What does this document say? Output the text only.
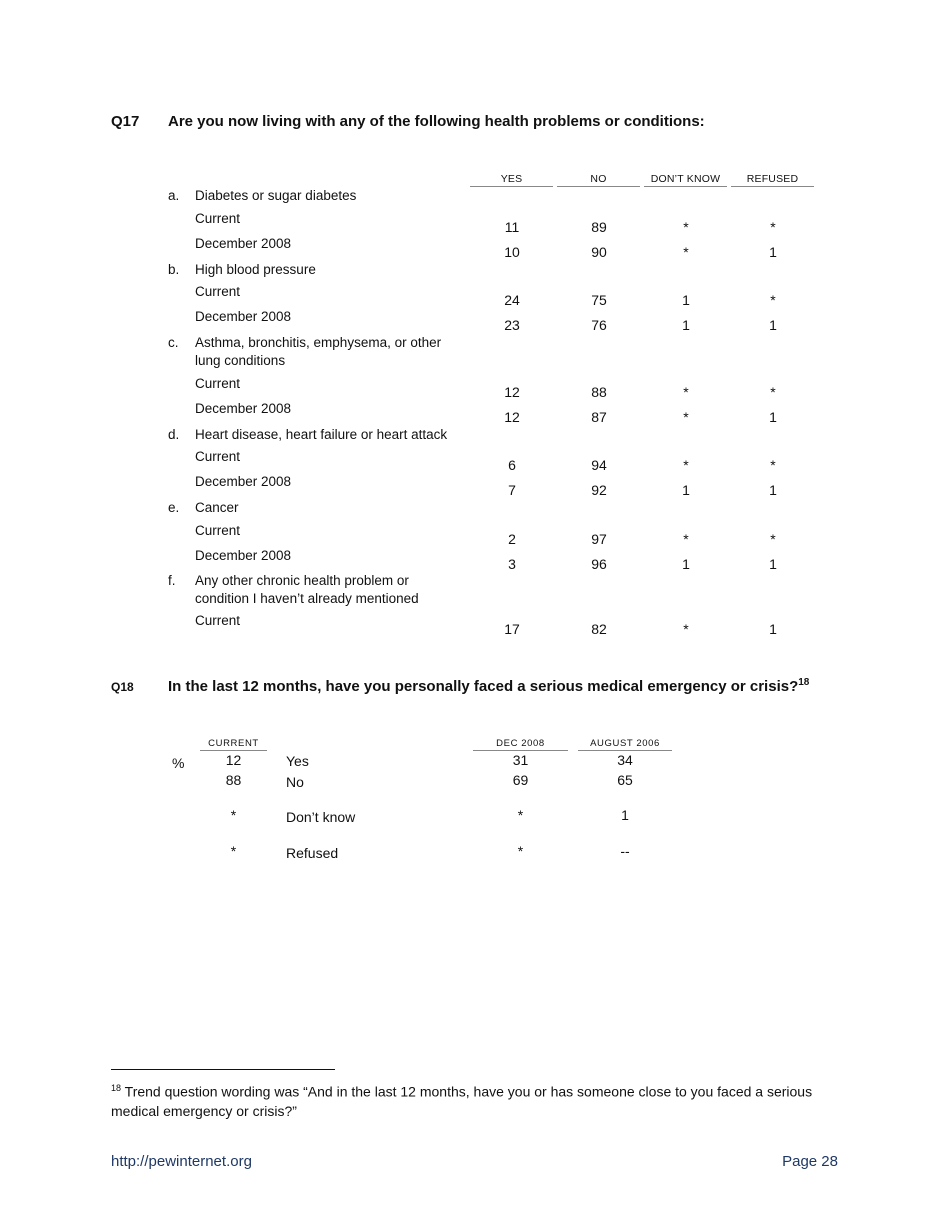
Q17 Are you now living with any of the following health problems or conditions:
YES	NO	DON’T KNOW	REFUSED
a. Diabetes or sugar diabetes
Current
11	89	*	*
December 2008
10	90	*	1
b. High blood pressure
Current
24	75	1	*
December 2008
23	76	1	1
c. Asthma, bronchitis, emphysema, or other lung conditions
Current
12	88	*	*
December 2008
12	87	*	1
d. Heart disease, heart failure or heart attack
Current
6	94	*	*
December 2008
7	92	1	1
e. Cancer
Current
2	97	*	*
December 2008
3	96	1	1
f. Any other chronic health problem or condition I haven’t already mentioned
Current
17	82	*	1
Q18 In the last 12 months, have you personally faced a serious medical emergency or crisis?$^{18}$
CURRENT	DEC 2008	AUGUST 2006
%	12	Yes	31	34
88	No	69	65
*	Don’t know	*	1
*	Refused	*	--
$^{18}$ Trend question wording was “And in the last 12 months, have you or has someone close to you faced a serious medical emergency or crisis?”
http://pewinternet.org	Page 28
